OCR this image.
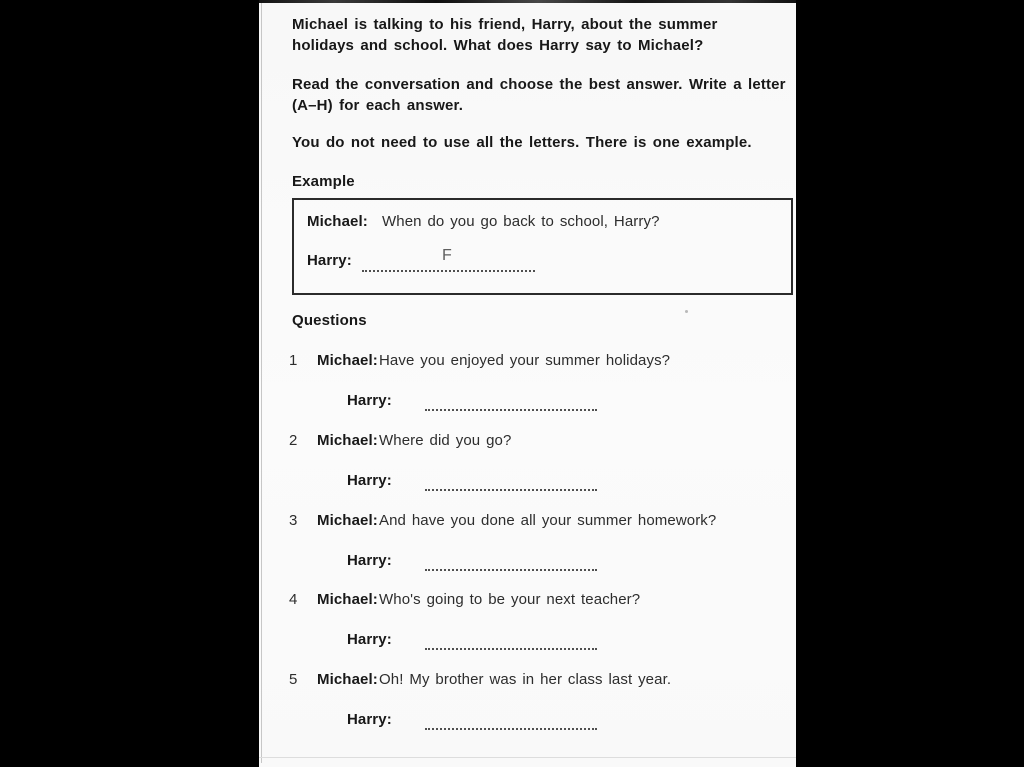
Michael is talking to his friend, Harry, about the summer
holidays and school. What does Harry say to Michael?
Read the conversation and choose the best answer. Write a letter
(A–H) for each answer.
You do not need to use all the letters. There is one example.
Example
Michael: When do you go back to school, Harry?
Harry:	F
Questions
1 Michael:Have you enjoyed your summer holidays?
Harry:
2 Michael:Where did you go?
Harry:
3 Michael:And have you done all your summer homework?
Harry:
4 Michael:Who's going to be your next teacher?
Harry:
5 Michael:Oh! My brother was in her class last year.
Harry:
